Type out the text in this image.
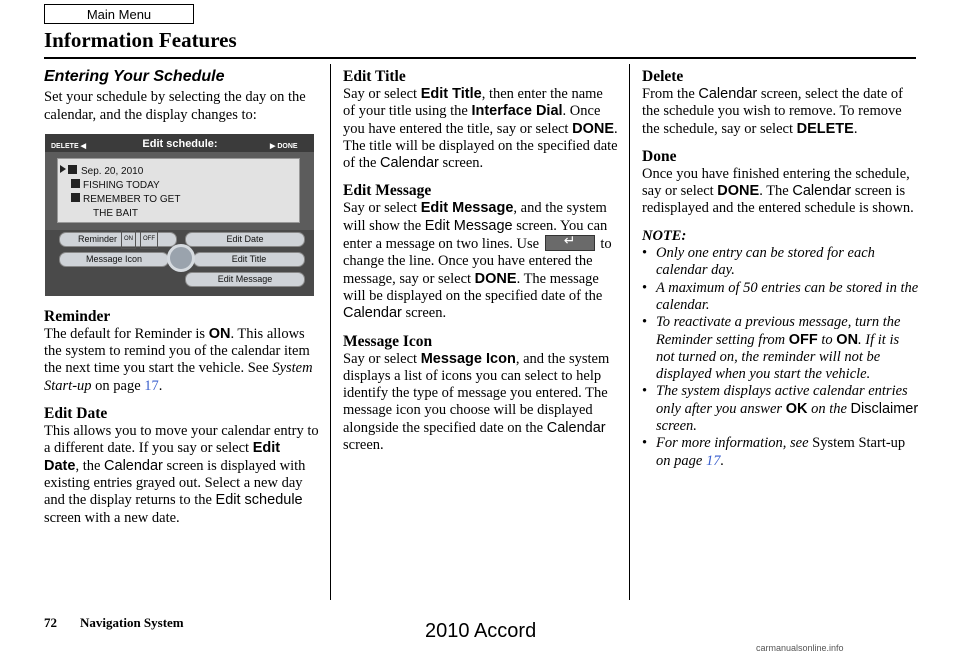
Main Menu
Information Features
Entering Your Schedule

Set your schedule by selecting the day on the calendar, and the display changes to:

DELETE ◀	Edit schedule:	▶ DONE
Sep. 20, 2010
FISHING TODAY
REMEMBER TO GET
THE BAIT
Reminder	ON	OFF
Message Icon
Edit Date
Edit Title
Edit Message
Reminder

The default for Reminder is ON. This allows the system to remind you of the calendar item the next time you start the vehicle. See System Start-up on page 17.

Edit Date

This allows you to move your calendar entry to a different date. If you say or select Edit Date, the Calendar screen is displayed with existing entries grayed out. Select a new day and the display returns to the Edit schedule screen with a new date.

Edit Title

Say or select Edit Title, then enter the name of your title using the Interface Dial. Once you have entered the title, say or select DONE. The title will be displayed on the specified date of the Calendar screen.

Edit Message

Say or select Edit Message, and the system will show the Edit Message screen. You can enter a message on two lines. Use ↵	to change the line. Once you have entered the message, say or select DONE. The message will be displayed on the specified date of the Calendar screen.

Message Icon

Say or select Message Icon, and the system displays a list of icons you can select to help identify the type of message you entered. The message icon you choose will be displayed alongside the specified date on the Calendar screen.

Delete

From the Calendar screen, select the date of the schedule you wish to remove. To remove the schedule, say or select DELETE.

Done

Once you have finished entering the schedule, say or select DONE. The Calendar screen is redisplayed and the entered schedule is shown.

NOTE:
• Only one entry can be stored for each calendar day.
• A maximum of 50 entries can be stored in the calendar.
• To reactivate a previous message, turn the Reminder setting from OFF to ON. If it is not turned on, the reminder will not be displayed when you start the vehicle.
• The system displays active calendar entries only after you answer OK on the Disclaimer screen.
• For more information, see System Start-up on page 17.
72 Navigation System	2010 Accord
carmanualsonline.info
